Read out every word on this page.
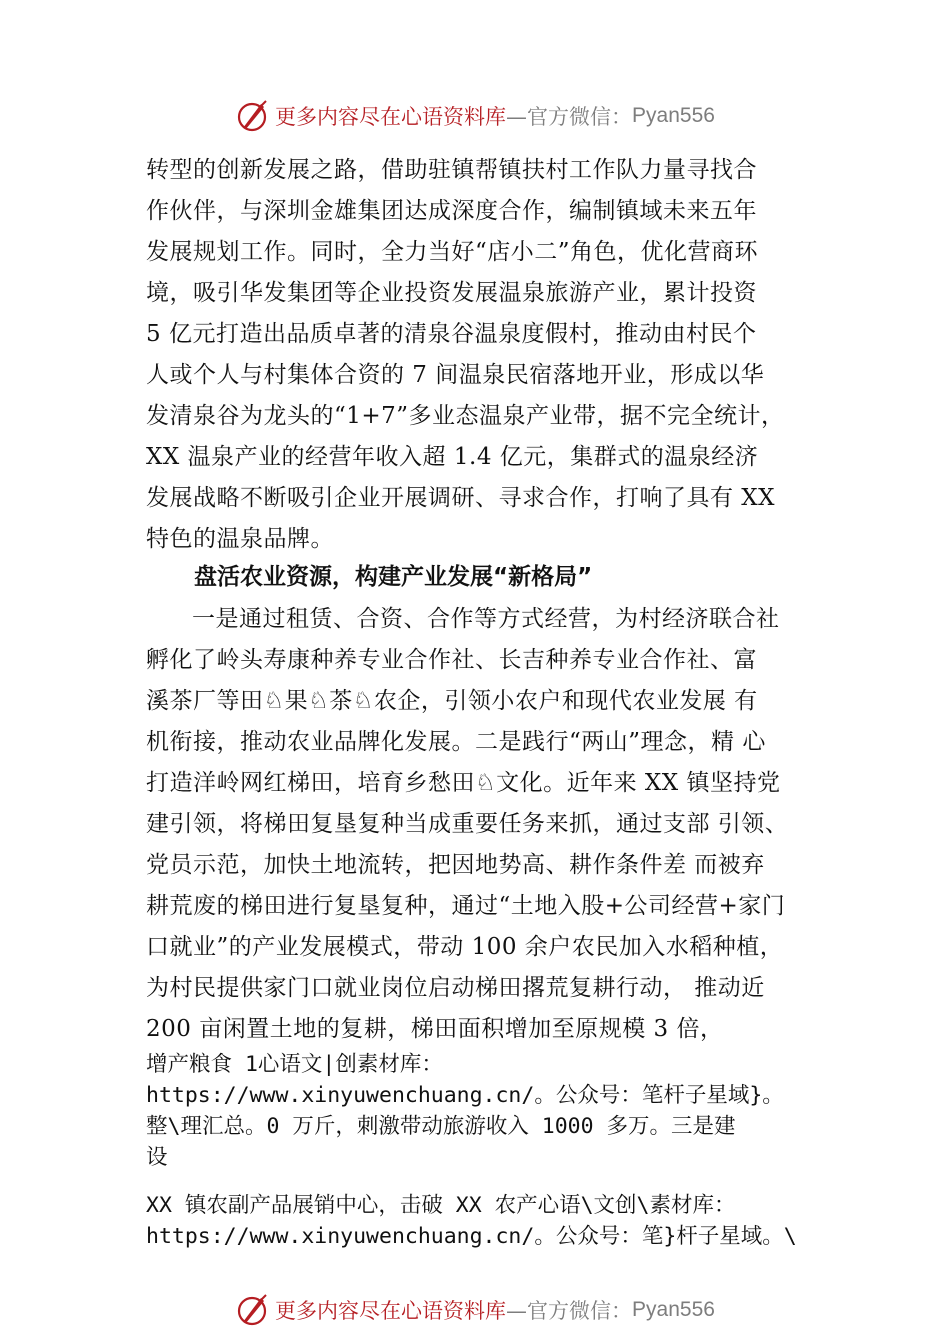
更多内容尽在心语资料库 —官方微信： Pyan556
转型的创新发展之路，借助驻镇帮镇扶村工作队力量寻找合
作伙伴，与深圳金雄集团达成深度合作，编制镇域未来五年
发展规划工作。同时，全力当好“店小二”角色，优化营商环
境，吸引华发集团等企业投资发展温泉旅游产业，累计投资
5 亿元打造出品质卓著的清泉谷温泉度假村，推动由村民个
人或个人与村集体合资的 7 间温泉民宿落地开业，形成以华
发清泉谷为龙头的“1+7”多业态温泉产业带，据不完全统计，
XX 温泉产业的经营年收入超 1.4 亿元，集群式的温泉经济
发展战略不断吸引企业开展调研、寻求合作，打响了具有 XX
特色的温泉品牌。
盘活农业资源，构建产业发展“新格局”
一是通过租赁、合资、合作等方式经营，为村经济联合社
孵化了岭头寿康种养专业合作社、长吉种养专业合作社、富
溪茶厂等田♘果♘茶♘农企，引领小农户和现代农业发展 有
机衔接，推动农业品牌化发展。二是践行“两山”理念，精 心
打造洋岭网红梯田，培育乡愁田♘文化。近年来 XX 镇坚持党
建引领，将梯田复垦复种当成重要任务来抓，通过支部 引领、
党员示范，加快土地流转，把因地势高、耕作条件差 而被弃
耕荒废的梯田进行复垦复种，通过“土地入股+公司经营+家门
口就业”的产业发展模式，带动 100 余户农民加入水稻种植，
为村民提供家门口就业岗位启动梯田撂荒复耕行动， 推动近
200 亩闲置土地的复耕，梯田面积增加至原规模 3 倍，
增产粮食 1心语文|创素材库：
https://www.xinyuwenchuang.cn/。公众号：笔杆子星域}。
整\理汇总。0 万斤，刺激带动旅游收入 1000 多万。三是建
设
XX 镇农副产品展销中心，击破 XX 农产心语\文创\素材库：
https://www.xinyuwenchuang.cn/。公众号：笔}杆子星域。\
更多内容尽在心语资料库 —官方微信： Pyan556
